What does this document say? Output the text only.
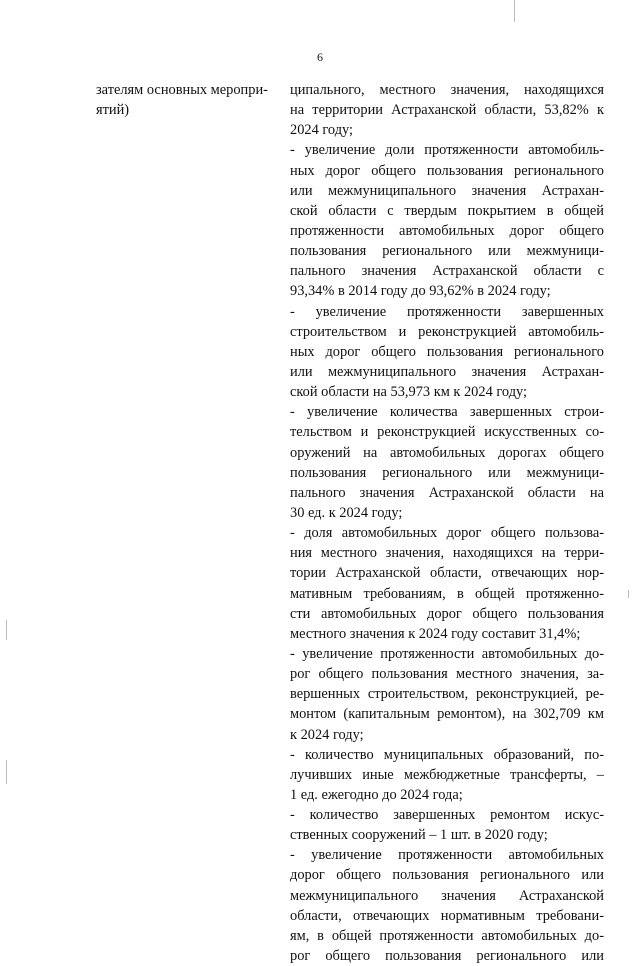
6
зателям основных меропри-
ятий)
ципального, местного значения, находящихся
на территории Астраханской области, 53,82% к
2024 году;
- увеличение доли протяженности автомобиль-
ных дорог общего пользования регионального
или межмуниципального значения Астрахан-
ской области с твердым покрытием в общей
протяженности автомобильных дорог общего
пользования регионального или межмуници-
пального значения Астраханской области с
93,34% в 2014 году до 93,62% в 2024 году;
- увеличение протяженности завершенных
строительством и реконструкцией автомобиль-
ных дорог общего пользования регионального
или межмуниципального значения Астрахан-
ской области на 53,973 км к 2024 году;
- увеличение количества завершенных строи-
тельством и реконструкцией искусственных со-
оружений на автомобильных дорогах общего
пользования регионального или межмуници-
пального значения Астраханской области на
30 ед. к 2024 году;
- доля автомобильных дорог общего пользова-
ния местного значения, находящихся на терри-
тории Астраханской области, отвечающих нор-
мативным требованиям, в общей протяженно-
сти автомобильных дорог общего пользования
местного значения к 2024 году составит 31,4%;
- увеличение протяженности автомобильных до-
рог общего пользования местного значения, за-
вершенных строительством, реконструкцией, ре-
монтом (капитальным ремонтом), на 302,709 км
к 2024 году;
- количество муниципальных образований, по-
лучивших иные межбюджетные трансферты, –
1 ед. ежегодно до 2024 года;
- количество завершенных ремонтом искус-
ственных сооружений – 1 шт. в 2020 году;
- увеличение протяженности автомобильных
дорог общего пользования регионального или
межмуниципального значения Астраханской
области, отвечающих нормативным требовани-
ям, в общей протяженности автомобильных до-
рог общего пользования регионального или
